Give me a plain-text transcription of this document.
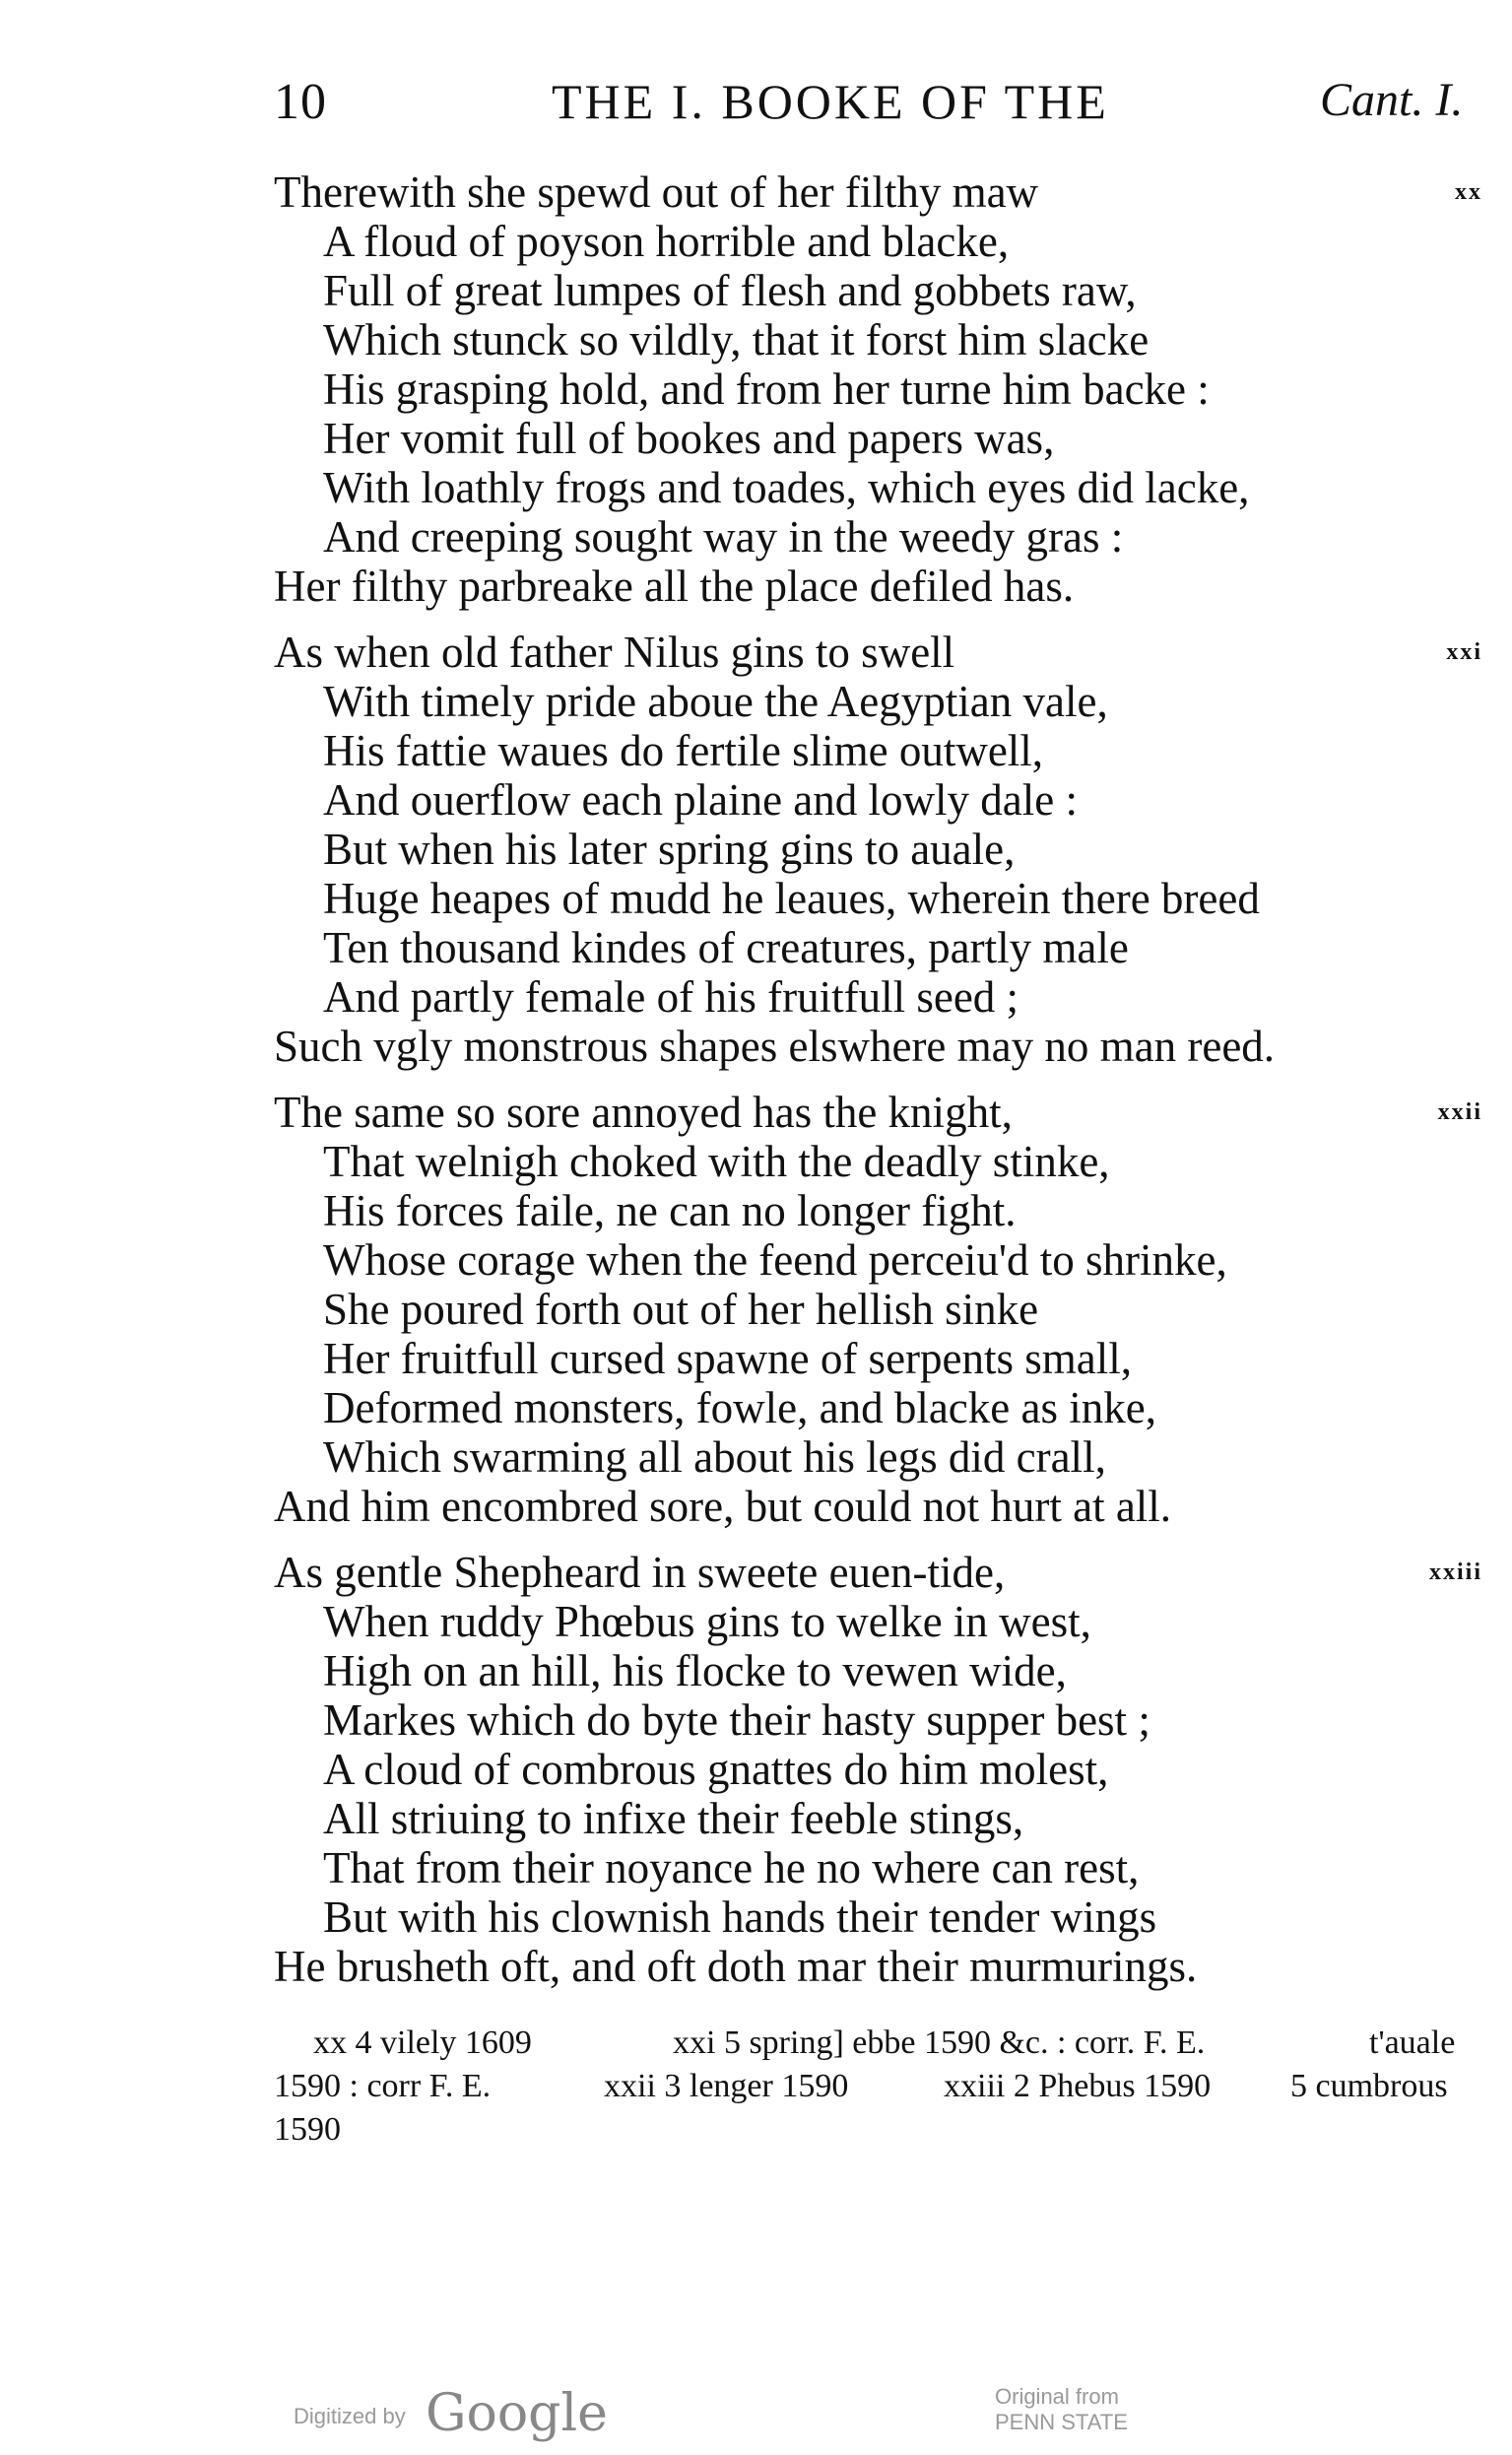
10	THE I. BOOKE OF THE	Cant. I.
xx
Therewith she spewd out of her filthy maw
A floud of poyson horrible and blacke,
Full of great lumpes of flesh and gobbets raw,
Which stunck so vildly, that it forst him slacke
His grasping hold, and from her turne him backe :
Her vomit full of bookes and papers was,
With loathly frogs and toades, which eyes did lacke,
And creeping sought way in the weedy gras :
Her filthy parbreake all the place defiled has.
xxi
As when old father Nilus gins to swell
With timely pride aboue the Aegyptian vale,
His fattie waues do fertile slime outwell,
And ouerflow each plaine and lowly dale :
But when his later spring gins to auale,
Huge heapes of mudd he leaues, wherein there breed
Ten thousand kindes of creatures, partly male
And partly female of his fruitfull seed ;
Such vgly monstrous shapes elswhere may no man reed.
xxii
The same so sore annoyed has the knight,
That welnigh choked with the deadly stinke,
His forces faile, ne can no longer fight.
Whose corage when the feend perceiu'd to shrinke,
She poured forth out of her hellish sinke
Her fruitfull cursed spawne of serpents small,
Deformed monsters, fowle, and blacke as inke,
Which swarming all about his legs did crall,
And him encombred sore, but could not hurt at all.
xxiii
As gentle Shepheard in sweete euen-tide,
When ruddy Phœbus gins to welke in west,
High on an hill, his flocke to vewen wide,
Markes which do byte their hasty supper best ;
A cloud of combrous gnattes do him molest,
All striuing to infixe their feeble stings,
That from their noyance he no where can rest,
But with his clownish hands their tender wings
He brusheth oft, and oft doth mar their murmurings.
xx 4 vilely 1609	xxi 5 spring] ebbe 1590 &c. : corr. F. E.	t'auale
1590 : corr F. E.	xxii 3 lenger 1590	xxiii 2 Phebus 1590 5 cumbrous
1590
Digitized by Google	Original from
PENN STATE
